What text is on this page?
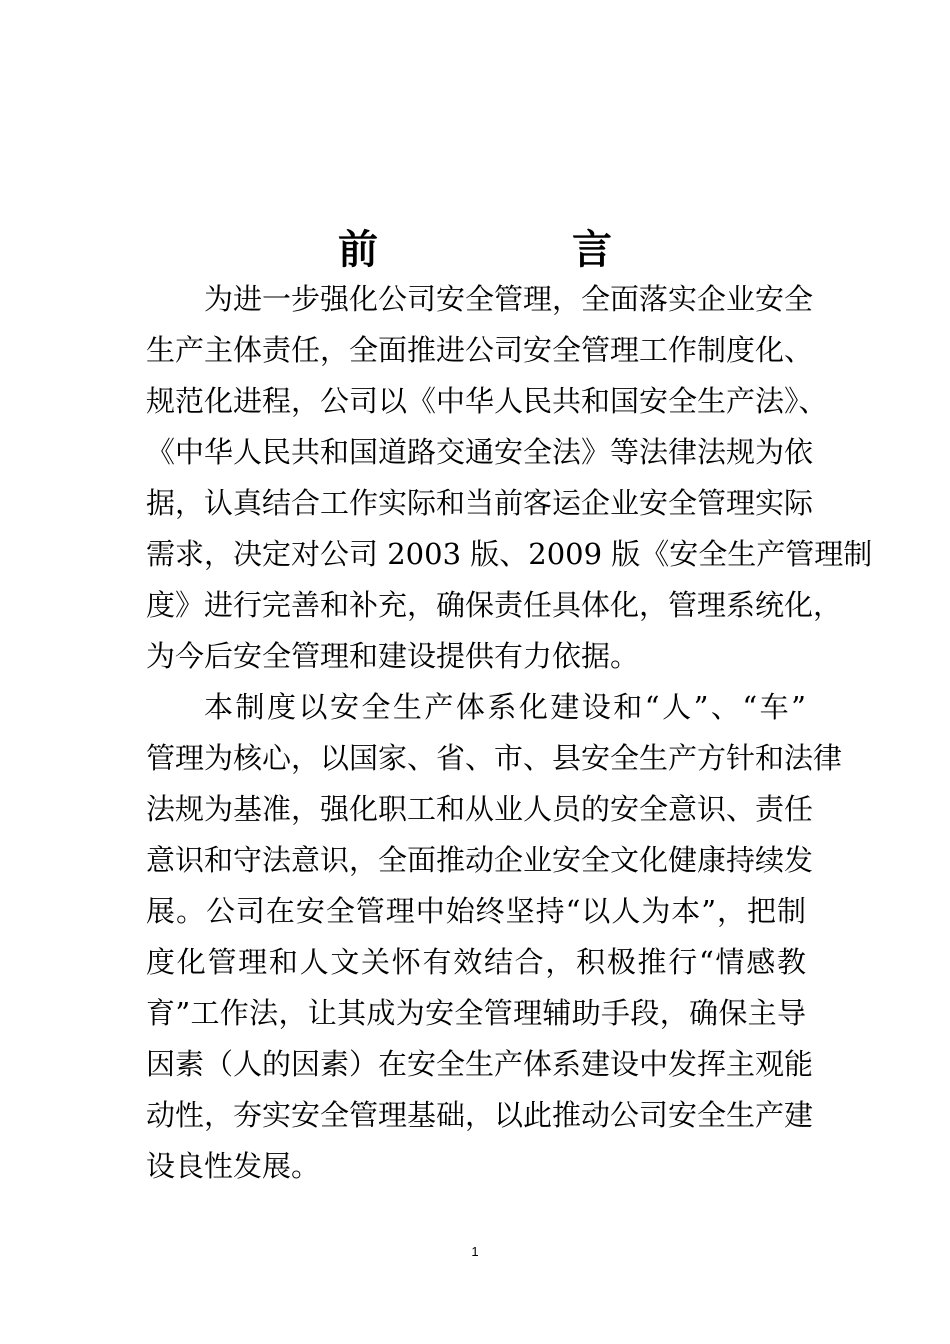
前 言
为进一步强化公司安全管理，全面落实企业安全
生产主体责任，全面推进公司安全管理工作制度化、
规范化进程，公司以《中华人民共和国安全生产法》、
《中华人民共和国道路交通安全法》等法律法规为依
据，认真结合工作实际和当前客运企业安全管理实际
需求，决定对公司 2003 版、2009 版《安全生产管理制
度》进行完善和补充，确保责任具体化，管理系统化，
为今后安全管理和建设提供有力依据。
本制度以安全生产体系化建设和“人”、“车”
管理为核心，以国家、省、市、县安全生产方针和法律
法规为基准，强化职工和从业人员的安全意识、责任
意识和守法意识，全面推动企业安全文化健康持续发
展。公司在安全管理中始终坚持“以人为本”，把制
度化管理和人文关怀有效结合，积极推行“情感教
育”工作法，让其成为安全管理辅助手段，确保主导
因素（人的因素）在安全生产体系建设中发挥主观能
动性，夯实安全管理基础，以此推动公司安全生产建
设良性发展。
1
